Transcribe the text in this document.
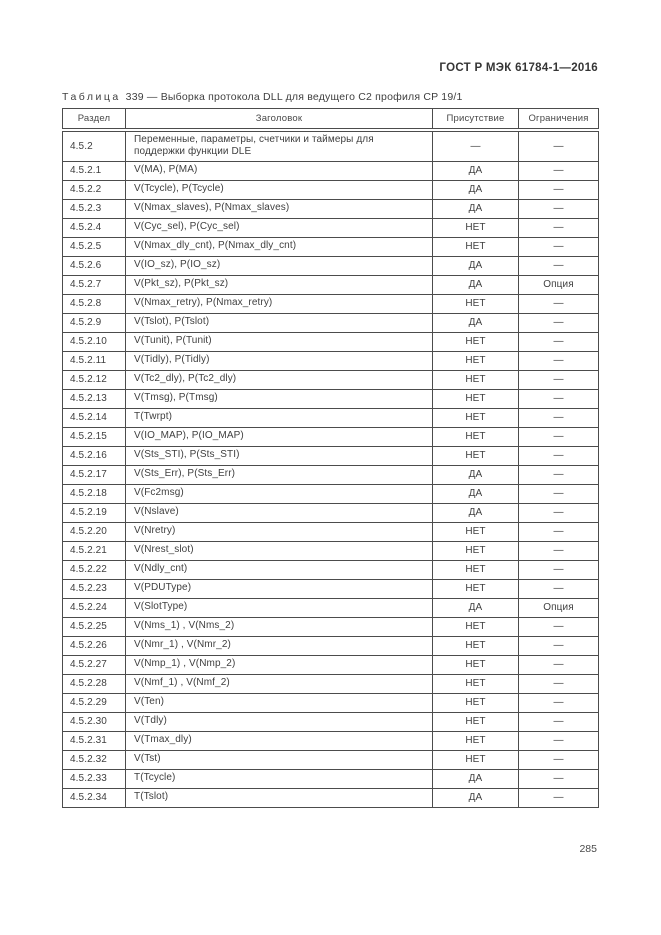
ГОСТ Р МЭК 61784-1—2016
Таблица 339 — Выборка протокола DLL для ведущего C2 профиля CP 19/1
Раздел	Заголовок	Присутствие	Ограничения
4.5.2	Переменные, параметры, счетчики и таймеры для поддержки функции DLE	—	—
4.5.2.1	V(MA), P(MA)	ДА	—
4.5.2.2	V(Tcycle), P(Tcycle)	ДА	—
4.5.2.3	V(Nmax_slaves), P(Nmax_slaves)	ДА	—
4.5.2.4	V(Cyc_sel), P(Cyc_sel)	НЕТ	—
4.5.2.5	V(Nmax_dly_cnt), P(Nmax_dly_cnt)	НЕТ	—
4.5.2.6	V(IO_sz), P(IO_sz)	ДА	—
4.5.2.7	V(Pkt_sz), P(Pkt_sz)	ДА	Опция
4.5.2.8	V(Nmax_retry), P(Nmax_retry)	НЕТ	—
4.5.2.9	V(Tslot), P(Tslot)	ДА	—
4.5.2.10	V(Tunit), P(Tunit)	НЕТ	—
4.5.2.11	V(Tidly), P(Tidly)	НЕТ	—
4.5.2.12	V(Tc2_dly), P(Tc2_dly)	НЕТ	—
4.5.2.13	V(Tmsg), P(Tmsg)	НЕТ	—
4.5.2.14	T(Twrpt)	НЕТ	—
4.5.2.15	V(IO_MAP), P(IO_MAP)	НЕТ	—
4.5.2.16	V(Sts_STI), P(Sts_STI)	НЕТ	—
4.5.2.17	V(Sts_Err), P(Sts_Err)	ДА	—
4.5.2.18	V(Fc2msg)	ДА	—
4.5.2.19	V(Nslave)	ДА	—
4.5.2.20	V(Nretry)	НЕТ	—
4.5.2.21	V(Nrest_slot)	НЕТ	—
4.5.2.22	V(Ndly_cnt)	НЕТ	—
4.5.2.23	V(PDUType)	НЕТ	—
4.5.2.24	V(SlotType)	ДА	Опция
4.5.2.25	V(Nms_1) , V(Nms_2)	НЕТ	—
4.5.2.26	V(Nmr_1) , V(Nmr_2)	НЕТ	—
4.5.2.27	V(Nmp_1) , V(Nmp_2)	НЕТ	—
4.5.2.28	V(Nmf_1) , V(Nmf_2)	НЕТ	—
4.5.2.29	V(Ten)	НЕТ	—
4.5.2.30	V(Tdly)	НЕТ	—
4.5.2.31	V(Tmax_dly)	НЕТ	—
4.5.2.32	V(Tst)	НЕТ	—
4.5.2.33	T(Tcycle)	ДА	—
4.5.2.34	T(Tslot)	ДА	—
285
